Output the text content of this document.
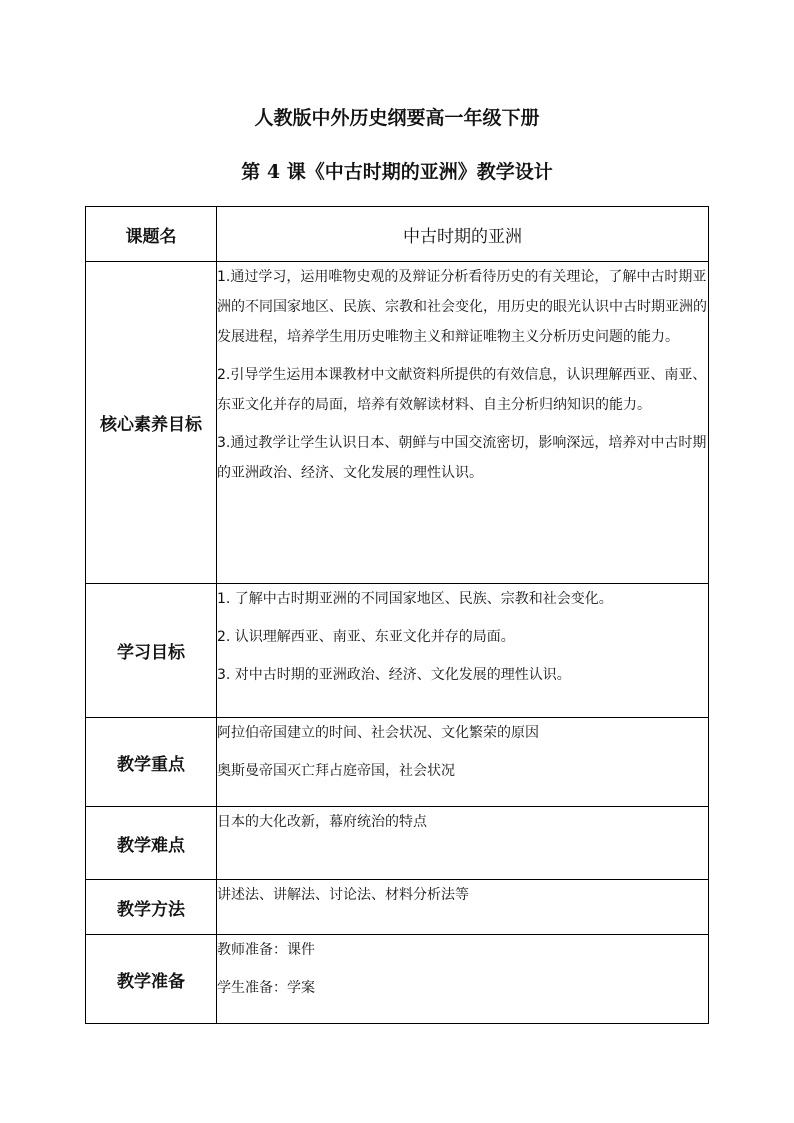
人教版中外历史纲要高一年级下册
第 4 课《中古时期的亚洲》教学设计
课题名	中古时期的亚洲
核心素养目标	1.通过学习，运用唯物史观的及辩证分析看待历史的有关理论，了解中古时期亚洲的不同国家地区、民族、宗教和社会变化，用历史的眼光认识中古时期亚洲的发展进程，培养学生用历史唯物主义和辩证唯物主义分析历史问题的能力。

2.引导学生运用本课教材中文献资料所提供的有效信息，认识理解西亚、南亚、东亚文化并存的局面，培养有效解读材料、自主分析归纳知识的能力。

3.通过教学让学生认识日本、朝鲜与中国交流密切，影响深远，培养对中古时期的亚洲政治、经济、文化发展的理性认识。

学习目标	1. 了解中古时期亚洲的不同国家地区、民族、宗教和社会变化。

2. 认识理解西亚、南亚、东亚文化并存的局面。

3. 对中古时期的亚洲政治、经济、文化发展的理性认识。

教学重点	阿拉伯帝国建立的时间、社会状况、文化繁荣的原因

奥斯曼帝国灭亡拜占庭帝国，社会状况

教学难点	日本的大化改新，幕府统治的特点
教学方法	讲述法、讲解法、讨论法、材料分析法等
教学准备	教师准备：课件

学生准备：学案
